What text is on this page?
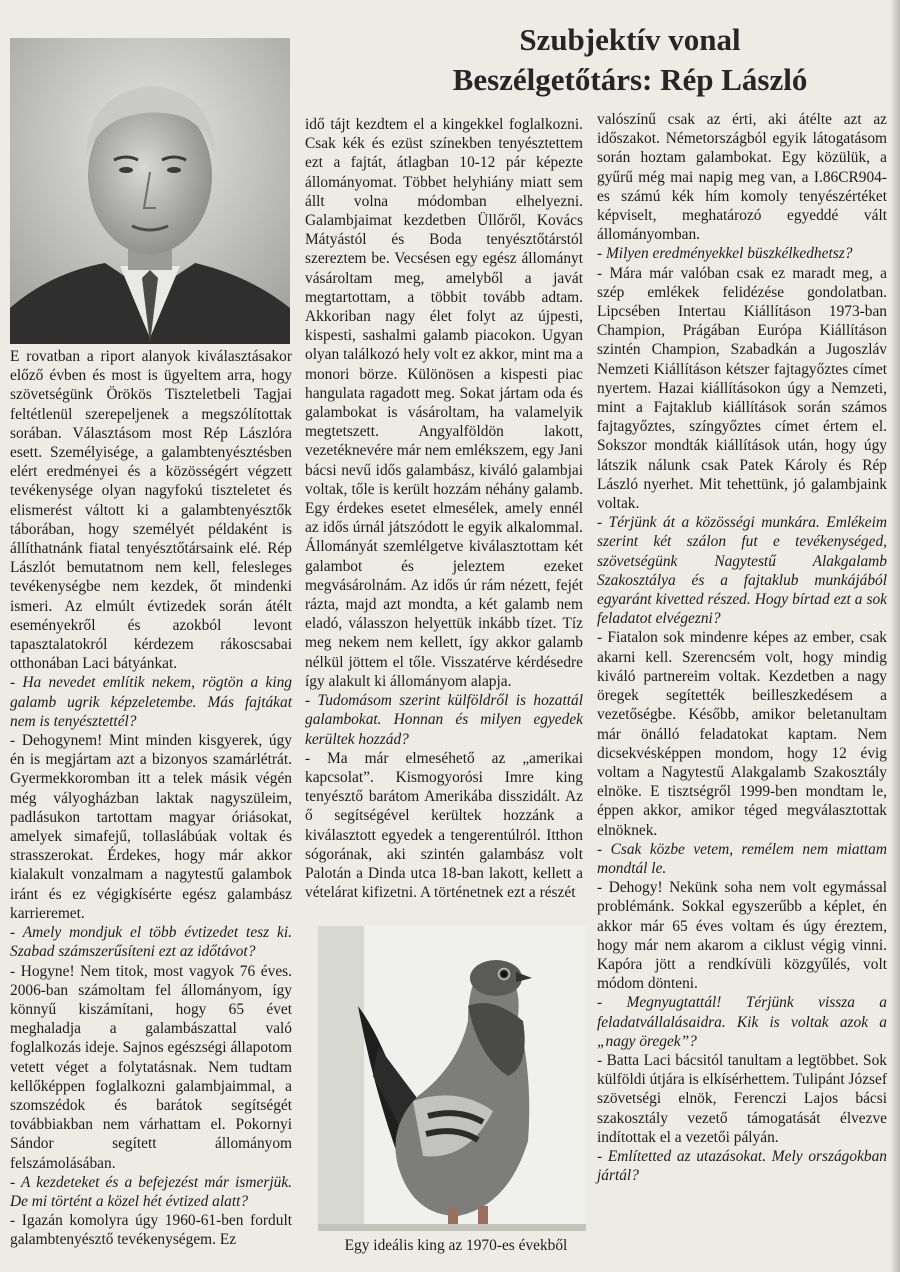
Szubjektív vonal
Beszélgetőtárs: Rép László

E rovatban a riport alanyok kiválasztásakor előző évben és most is ügyeltem arra, hogy szövetségünk Örökös Tiszteletbeli Tagjai feltétlenül szerepeljenek a megszólítottak sorában. Választásom most Rép Lászlóra esett. Személyisége, a galambtenyésztésben elért eredményei és a közösségért végzett tevékenysége olyan nagyfokú tiszteletet és elismerést váltott ki a galambtenyésztők táborában, hogy személyét példaként is állíthatnánk fiatal tenyésztőtársaink elé. Rép Lászlót bemutatnom nem kell, felesleges tevékenységbe nem kezdek, őt mindenki ismeri. Az elmúlt évtizedek során átélt eseményekről és azokból levont tapasztalatokról kérdezem rákoscsabai otthonában Laci bátyánkat.

- Ha nevedet említik nekem, rögtön a king galamb ugrik képzeletembe. Más fajtákat nem is tenyésztettél?

- Dehogynem! Mint minden kisgyerek, úgy én is megjártam azt a bizonyos szamárlétrát. Gyermekkoromban itt a telek másik végén még vályogházban laktak nagyszüleim, padlásukon tartottam magyar óriásokat, amelyek simafejű, tollaslábúak voltak és strasszerokat. Érdekes, hogy már akkor kialakult vonzalmam a nagytestű galambok iránt és ez végigkísérte egész galambász karrieremet.

- Amely mondjuk el több évtizedet tesz ki. Szabad számszerűsíteni ezt az időtávot?

- Hogyne! Nem titok, most vagyok 76 éves. 2006-ban számoltam fel állományom, így könnyű kiszámítani, hogy 65 évet meghaladja a galambászattal való foglalkozás ideje. Sajnos egészségi állapotom vetett véget a folytatásnak. Nem tudtam kellőképpen foglalkozni galambjaimmal, a szomszédok és barátok segítségét továbbiakban nem várhattam el. Pokornyi Sándor segített állományom felszámolásában.

- A kezdeteket és a befejezést már ismerjük. De mi történt a közel hét évtized alatt?

- Igazán komolyra úgy 1960-61-ben fordult galambtenyésztő tevékenységem. Ez

idő tájt kezdtem el a kingekkel foglalkozni. Csak kék és ezüst színekben tenyésztettem ezt a fajtát, átlagban 10-12 pár képezte állományomat. Többet helyhiány miatt sem állt volna módomban elhelyezni. Galambjaimat kezdetben Üllőről, Kovács Mátyástól és Boda tenyésztőtárstól szereztem be. Vecsésen egy egész állományt vásároltam meg, amelyből a javát megtartottam, a többit tovább adtam. Akkoriban nagy élet folyt az újpesti, kispesti, sashalmi galamb piacokon. Ugyan olyan találkozó hely volt ez akkor, mint ma a monori börze. Különösen a kispesti piac hangulata ragadott meg. Sokat jártam oda és galambokat is vásároltam, ha valamelyik megtetszett. Angyalföldön lakott, vezetéknevére már nem emlékszem, egy Jani bácsi nevű idős galambász, kiváló galambjai voltak, tőle is került hozzám néhány galamb. Egy érdekes esetet elmesélek, amely ennél az idős úrnál játszódott le egyik alkalommal. Állományát szemlélgetve kiválasztottam két galambot és jeleztem ezeket megvásárolnám. Az idős úr rám nézett, fejét rázta, majd azt mondta, a két galamb nem eladó, válasszon helyettük inkább tízet. Tíz meg nekem nem kellett, így akkor galamb nélkül jöttem el tőle. Visszatérve kérdésedre így alakult ki állományom alapja.

- Tudomásom szerint külföldről is hozattál galambokat. Honnan és milyen egyedek kerültek hozzád?

- Ma már elmeséhető az „amerikai kapcsolat”. Kismogyorósi Imre king tenyésztő barátom Amerikába disszidált. Az ő segítségével kerültek hozzánk a kiválasztott egyedek a tengerentúlról. Itthon sógorának, aki szintén galambász volt Palotán a Dinda utca 18-ban lakott, kellett a vételárat kifizetni. A történetnek ezt a részét

Egy ideális king az 1970-es évekből

valószínű csak az érti, aki átélte azt az időszakot. Németországból egyik látogatásom során hoztam galambokat. Egy közülük, a gyűrű még mai napig meg van, a I.86CR904-es számú kék hím komoly tenyészértéket képviselt, meghatározó egyeddé vált állományomban.

- Milyen eredményekkel büszkélkedhetsz?

- Mára már valóban csak ez maradt meg, a szép emlékek felidézése gondolatban. Lipcsében Intertau Kiállításon 1973-ban Champion, Prágában Európa Kiállításon szintén Champion, Szabadkán a Jugoszláv Nemzeti Kiállításon kétszer fajtagyőztes címet nyertem. Hazai kiállításokon úgy a Nemzeti, mint a Fajtaklub kiállítások során számos fajtagyőztes, színgyőztes címet értem el. Sokszor mondták kiállítások után, hogy úgy látszik nálunk csak Patek Károly és Rép László nyerhet. Mit tehettünk, jó galambjaink voltak.

- Térjünk át a közösségi munkára. Emlékeim szerint két szálon fut e tevékenységed, szövetségünk Nagytestű Alakgalamb Szakosztálya és a fajtaklub munkájából egyaránt kivetted részed. Hogy bírtad ezt a sok feladatot elvégezni?

- Fiatalon sok mindenre képes az ember, csak akarni kell. Szerencsém volt, hogy mindig kiváló partnereim voltak. Kezdetben a nagy öregek segítették beilleszkedésem a vezetőségbe. Később, amikor beletanultam már önálló feladatokat kaptam. Nem dicsekvésképpen mondom, hogy 12 évig voltam a Nagytestű Alakgalamb Szakosztály elnöke. E tisztségről 1999-ben mondtam le, éppen akkor, amikor téged megválasztottak elnöknek.

- Csak közbe vetem, remélem nem miattam mondtál le.

- Dehogy! Nekünk soha nem volt egymással problémánk. Sokkal egyszerűbb a képlet, én akkor már 65 éves voltam és úgy éreztem, hogy már nem akarom a ciklust végig vinni. Kapóra jött a rendkívüli közgyűlés, volt módom dönteni.

- Megnyugtattál! Térjünk vissza a feladatvállalásaidra. Kik is voltak azok a „nagy öregek”?

- Batta Laci bácsitól tanultam a legtöbbet. Sok külföldi útjára is elkísérhettem. Tulipánt József szövetségi elnök, Ferenczi Lajos bácsi szakosztály vezető támogatását élvezve indítottak el a vezetői pályán.

- Említetted az utazásokat. Mely országokban jártál?
